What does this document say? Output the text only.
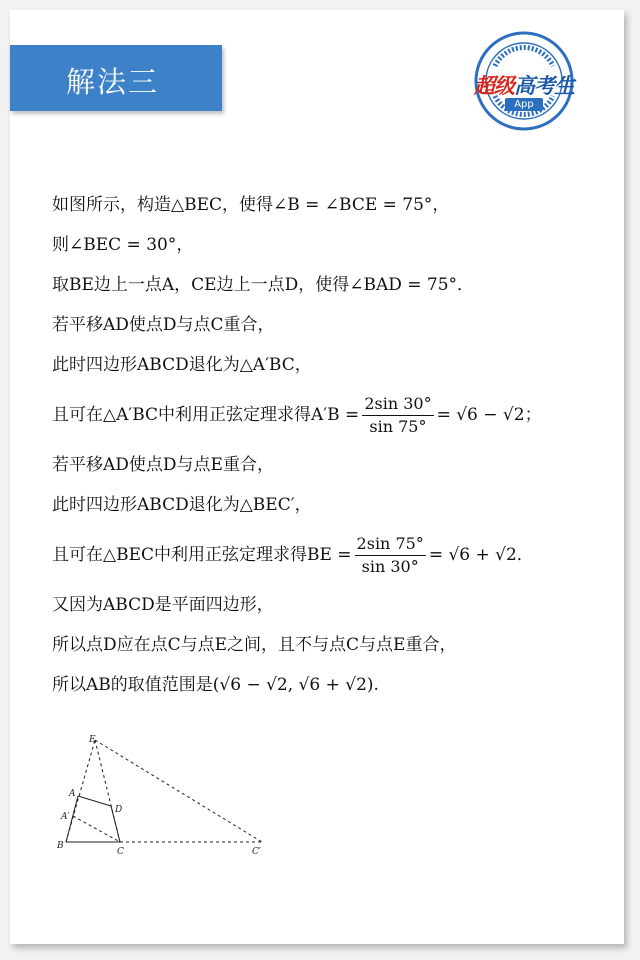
解法三	超级高考生
App
如图所示，构造△BEC，使得∠B = ∠BCE = 75°，
则∠BEC = 30°，
取BE边上一点A，CE边上一点D，使得∠BAD = 75°．
若平移AD使点D与点C重合，
此时四边形ABCD退化为△A′BC，
且可在△A′BC中利用正弦定理求得$A'B = \frac{2\sin 30^\circ}{\sin 75^\circ} = √6 - √2$；
若平移AD使点D与点E重合，
此时四边形ABCD退化为△BEC′，
且可在△BEC中利用正弦定理求得BE = $\frac{2\sin 75^\circ}{\sin 30^\circ} = √6 + √2$．
又因为ABCD是平面四边形，
所以点D应在点C与点E之间，且不与点C与点E重合，
所以AB的取值范围是(√6 − √2, √6 + √2).
E
A
D
A′
B
C	C′
